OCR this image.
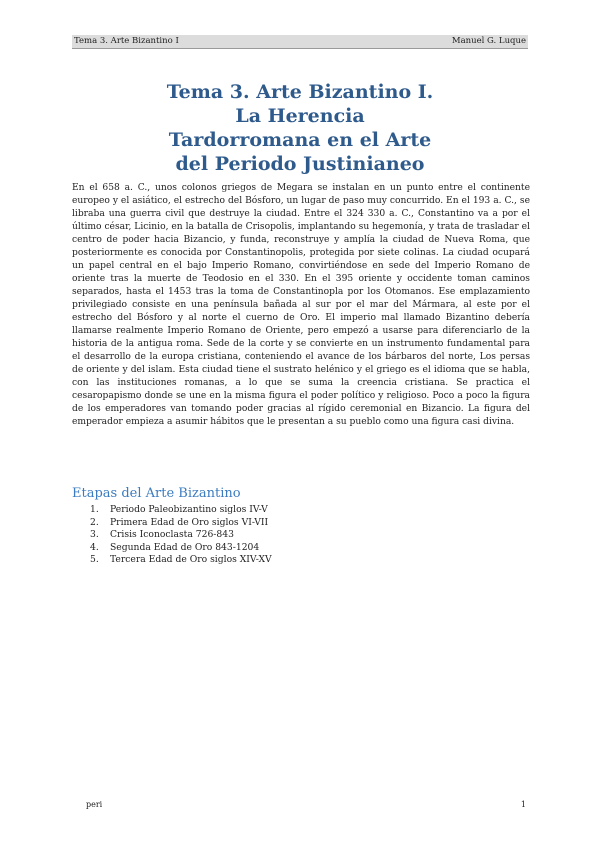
Tema 3. Arte Bizantino I	Manuel G. Luque
Tema 3. Arte Bizantino I.
La Herencia
Tardorromana en el Arte
del Periodo Justinianeo

En el 658 a. C., unos colonos griegos de Megara se instalan en un punto entre el continente europeo y el asiático, el estrecho del Bósforo, un lugar de paso muy concurrido. En el 193 a. C., se libraba una guerra civil que destruye la ciudad. Entre el 324 330 a. C., Constantino va a por el último césar, Licinio, en la batalla de Crisopolis, implantando su hegemonía, y trata de trasladar el centro de poder hacia Bizancio, y funda, reconstruye y amplía la ciudad de Nueva Roma, que posteriormente es conocida por Constantinopolis, protegida por siete colinas. La ciudad ocupará un papel central en el bajo Imperio Romano, convirtiéndose en sede del Imperio Romano de oriente tras la muerte de Teodosio en el 330. En el 395 oriente y occidente toman caminos separados, hasta el 1453 tras la toma de Constantinopla por los Otomanos. Ese emplazamiento privilegiado consiste en una península bañada al sur por el mar del Mármara, al este por el estrecho del Bósforo y al norte el cuerno de Oro. El imperio mal llamado Bizantino debería llamarse realmente Imperio Romano de Oriente, pero empezó a usarse para diferenciarlo de la historia de la antigua roma. Sede de la corte y se convierte en un instrumento fundamental para el desarrollo de la europa cristiana, conteniendo el avance de los bárbaros del norte, Los persas de oriente y del islam. Esta ciudad tiene el sustrato helénico y el griego es el idioma que se habla, con las instituciones romanas, a lo que se suma la creencia cristiana. Se practica el cesaropapismo donde se une en la misma figura el poder político y religioso. Poco a poco la figura de los emperadores van tomando poder gracias al rígido ceremonial en Bizancio. La figura del emperador empieza a asumir hábitos que le presentan a su pueblo como una figura casi divina.

Etapas del Arte Bizantino
1. Periodo Paleobizantino siglos IV-V
2. Primera Edad de Oro siglos VI-VII
3. Crisis Iconoclasta 726-843
4. Segunda Edad de Oro 843-1204
5. Tercera Edad de Oro siglos XIV-XV
peri	1
